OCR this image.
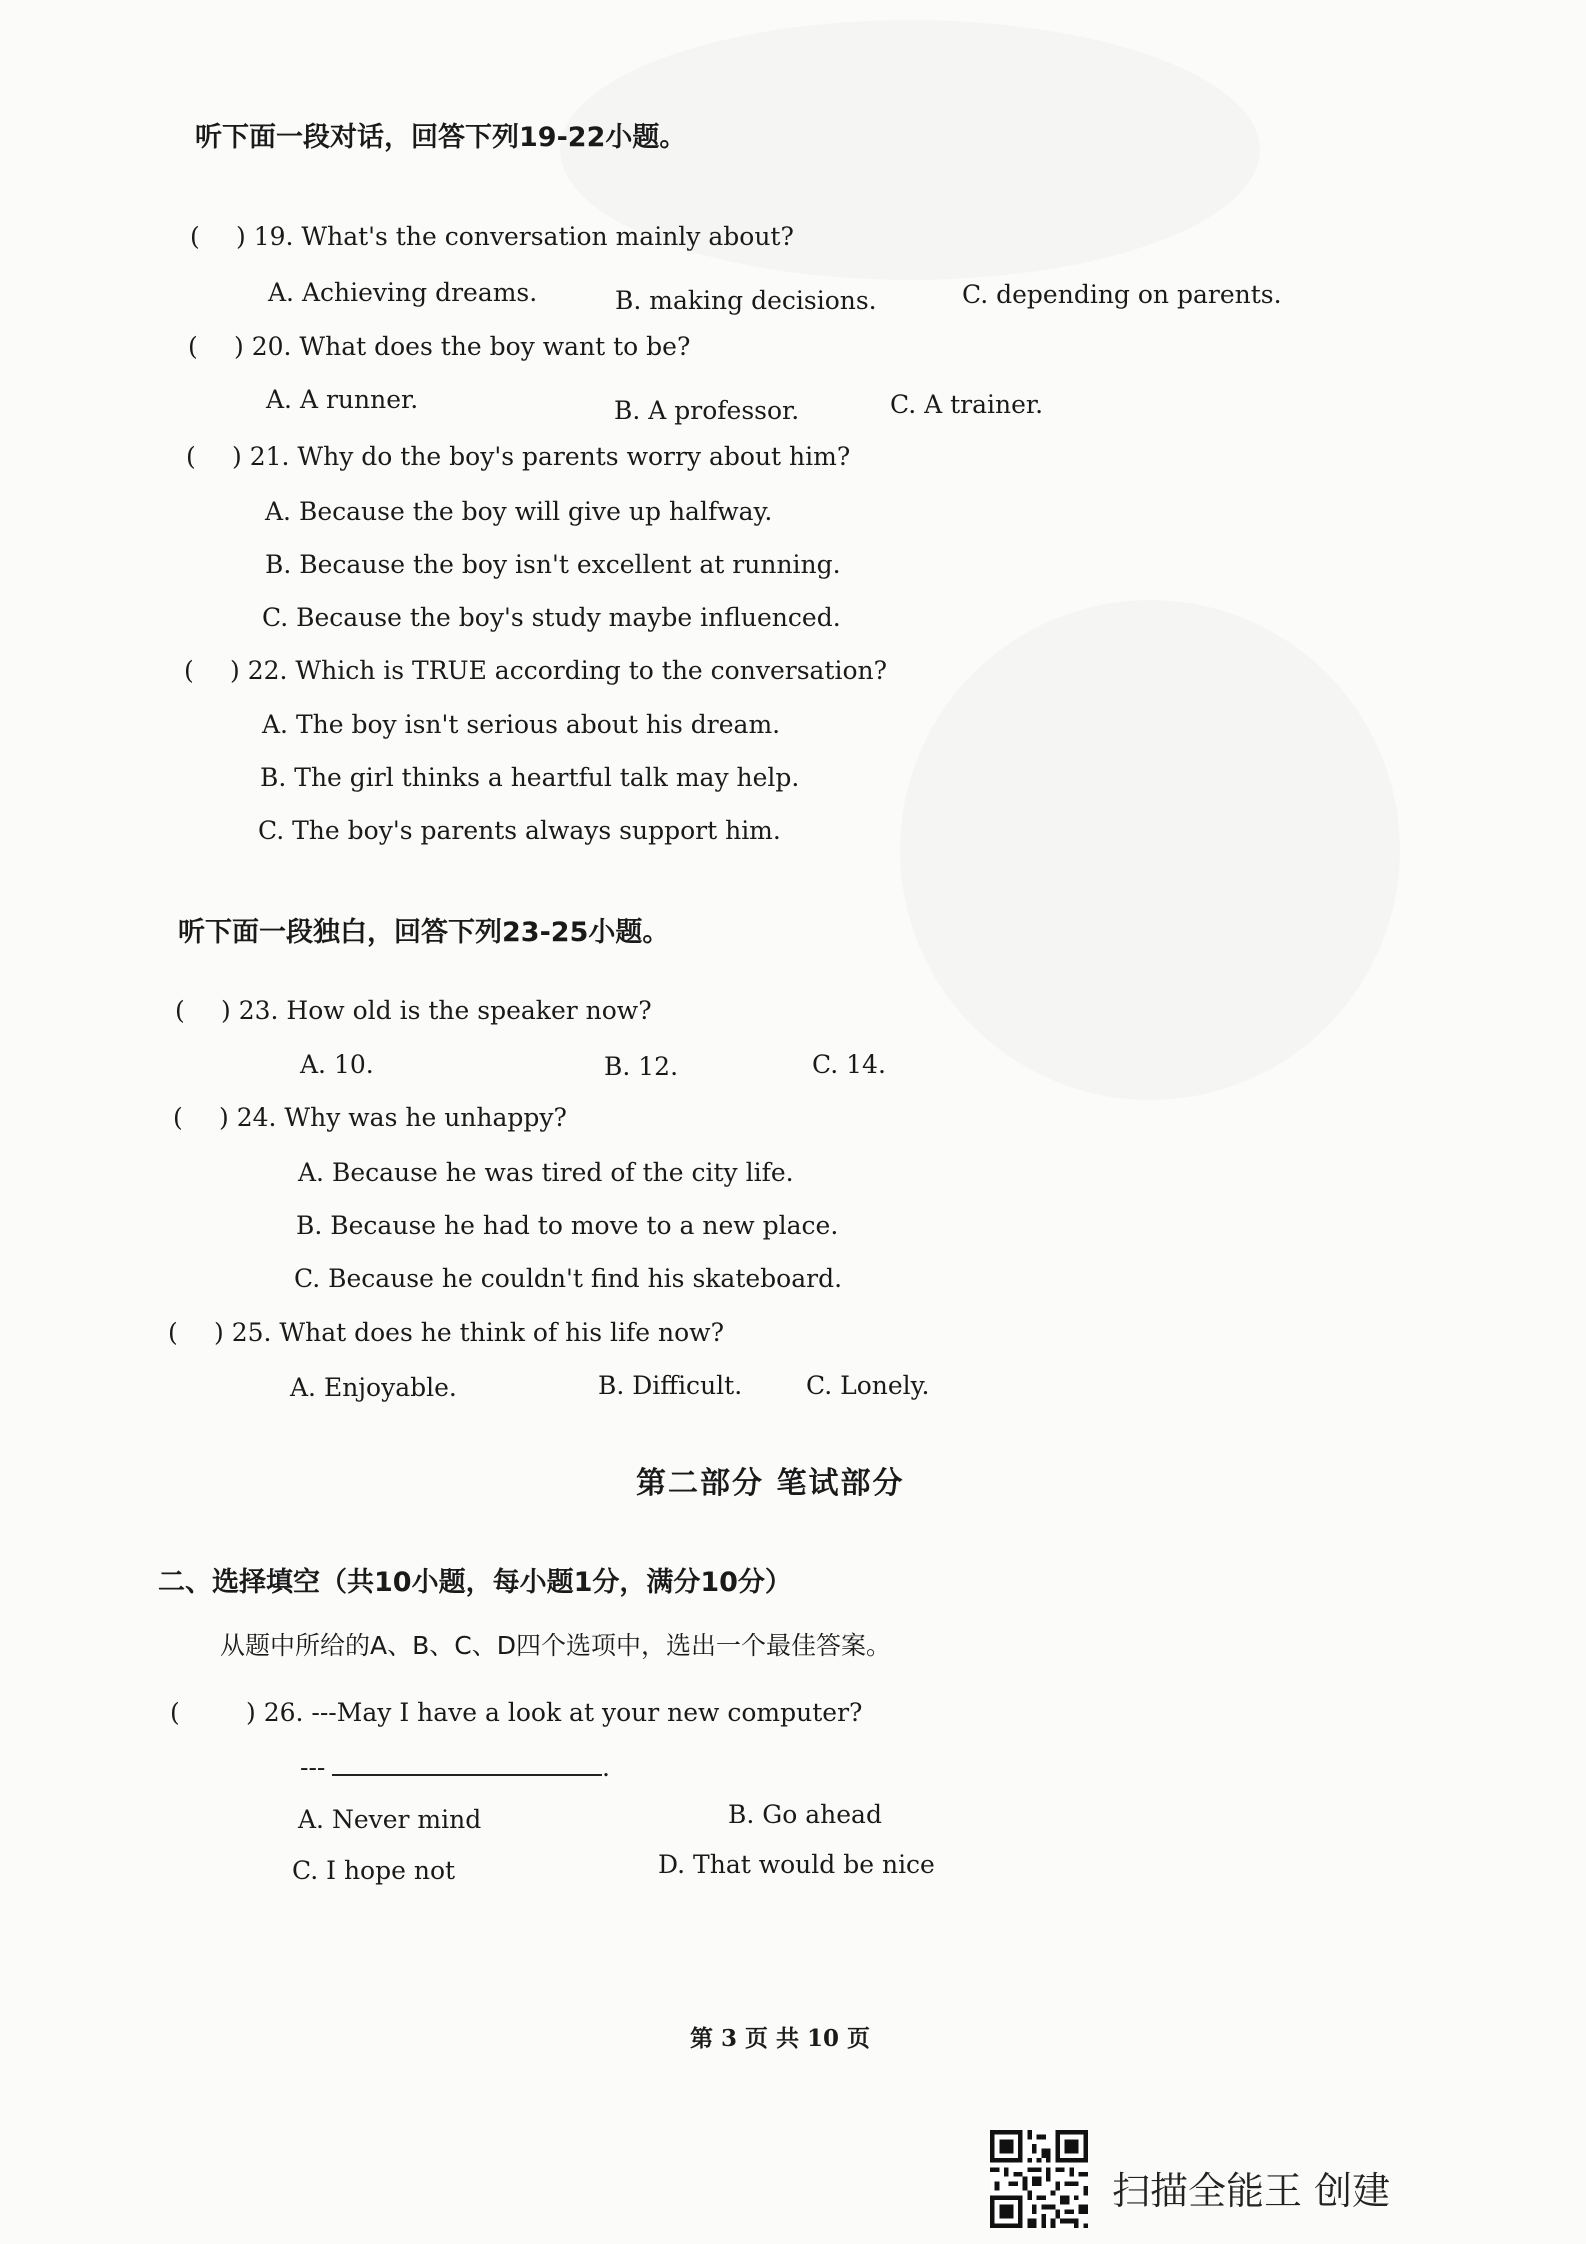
听下面一段对话，回答下列19-22小题。
( ) 19. What's the conversation mainly about?
A. Achieving dreams.	B. making decisions.	C. depending on parents.
( ) 20. What does the boy want to be?
A. A runner.	B. A professor.	C. A trainer.
( ) 21. Why do the boy's parents worry about him?
A. Because the boy will give up halfway.
B. Because the boy isn't excellent at running.
C. Because the boy's study maybe influenced.
( ) 22. Which is TRUE according to the conversation?
A. The boy isn't serious about his dream.
B. The girl thinks a heartful talk may help.
C. The boy's parents always support him.
听下面一段独白，回答下列23-25小题。
( ) 23. How old is the speaker now?
A. 10.	B. 12.	C. 14.
( ) 24. Why was he unhappy?
A. Because he was tired of the city life.
B. Because he had to move to a new place.
C. Because he couldn't find his skateboard.
( ) 25. What does he think of his life now?
A. Enjoyable.	B. Difficult.	C. Lonely.
第二部分 笔试部分
二、选择填空（共10小题，每小题1分，满分10分）
从题中所给的A、B、C、D四个选项中，选出一个最佳答案。
(	) 26. ---May I have a look at your new computer?
---	.
A. Never mind	B. Go ahead
C. I hope not	D. That would be nice
第 3 页 共 10 页
扫描全能王 创建
